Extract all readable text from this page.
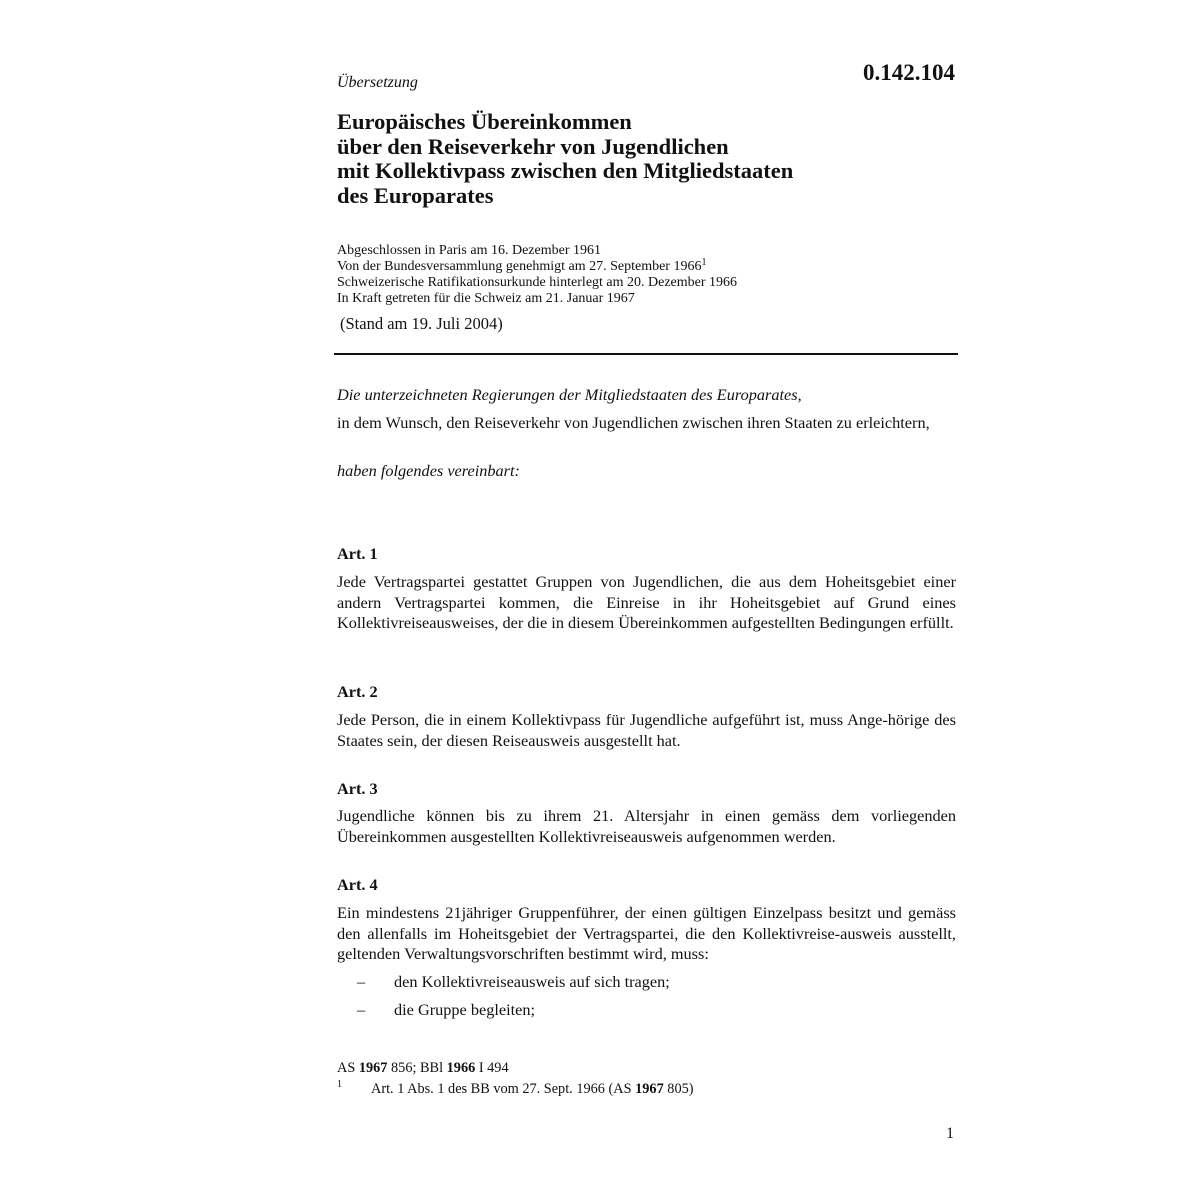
Übersetzung	0.142.104
Europäisches Übereinkommen
über den Reiseverkehr von Jugendlichen
mit Kollektivpass zwischen den Mitgliedstaaten
des Europarates
Abgeschlossen in Paris am 16. Dezember 1961
Von der Bundesversammlung genehmigt am 27. September 1966$^1$
Schweizerische Ratifikationsurkunde hinterlegt am 20. Dezember 1966
In Kraft getreten für die Schweiz am 21. Januar 1967
(Stand am 19. Juli 2004)
Die unterzeichneten Regierungen der Mitgliedstaaten des Europarates,
in dem Wunsch, den Reiseverkehr von Jugendlichen zwischen ihren Staaten zu erleichtern,
haben folgendes vereinbart:
Art. 1
Jede Vertragspartei gestattet Gruppen von Jugendlichen, die aus dem Hoheitsgebiet einer andern Vertragspartei kommen, die Einreise in ihr Hoheitsgebiet auf Grund eines Kollektivreiseausweises, der die in diesem Übereinkommen aufgestellten Bedingungen erfüllt.
Art. 2
Jede Person, die in einem Kollektivpass für Jugendliche aufgeführt ist, muss Ange-hörige des Staates sein, der diesen Reiseausweis ausgestellt hat.
Art. 3
Jugendliche können bis zu ihrem 21. Altersjahr in einen gemäss dem vorliegenden Übereinkommen ausgestellten Kollektivreiseausweis aufgenommen werden.
Art. 4
Ein mindestens 21jähriger Gruppenführer, der einen gültigen Einzelpass besitzt und gemäss den allenfalls im Hoheitsgebiet der Vertragspartei, die den Kollektivreise-ausweis ausstellt, geltenden Verwaltungsvorschriften bestimmt wird, muss:
– den Kollektivreiseausweis auf sich tragen;
– die Gruppe begleiten;
AS 1967 856; BBl 1966 I 494
1 Art. 1 Abs. 1 des BB vom 27. Sept. 1966 (AS 1967 805)
1
